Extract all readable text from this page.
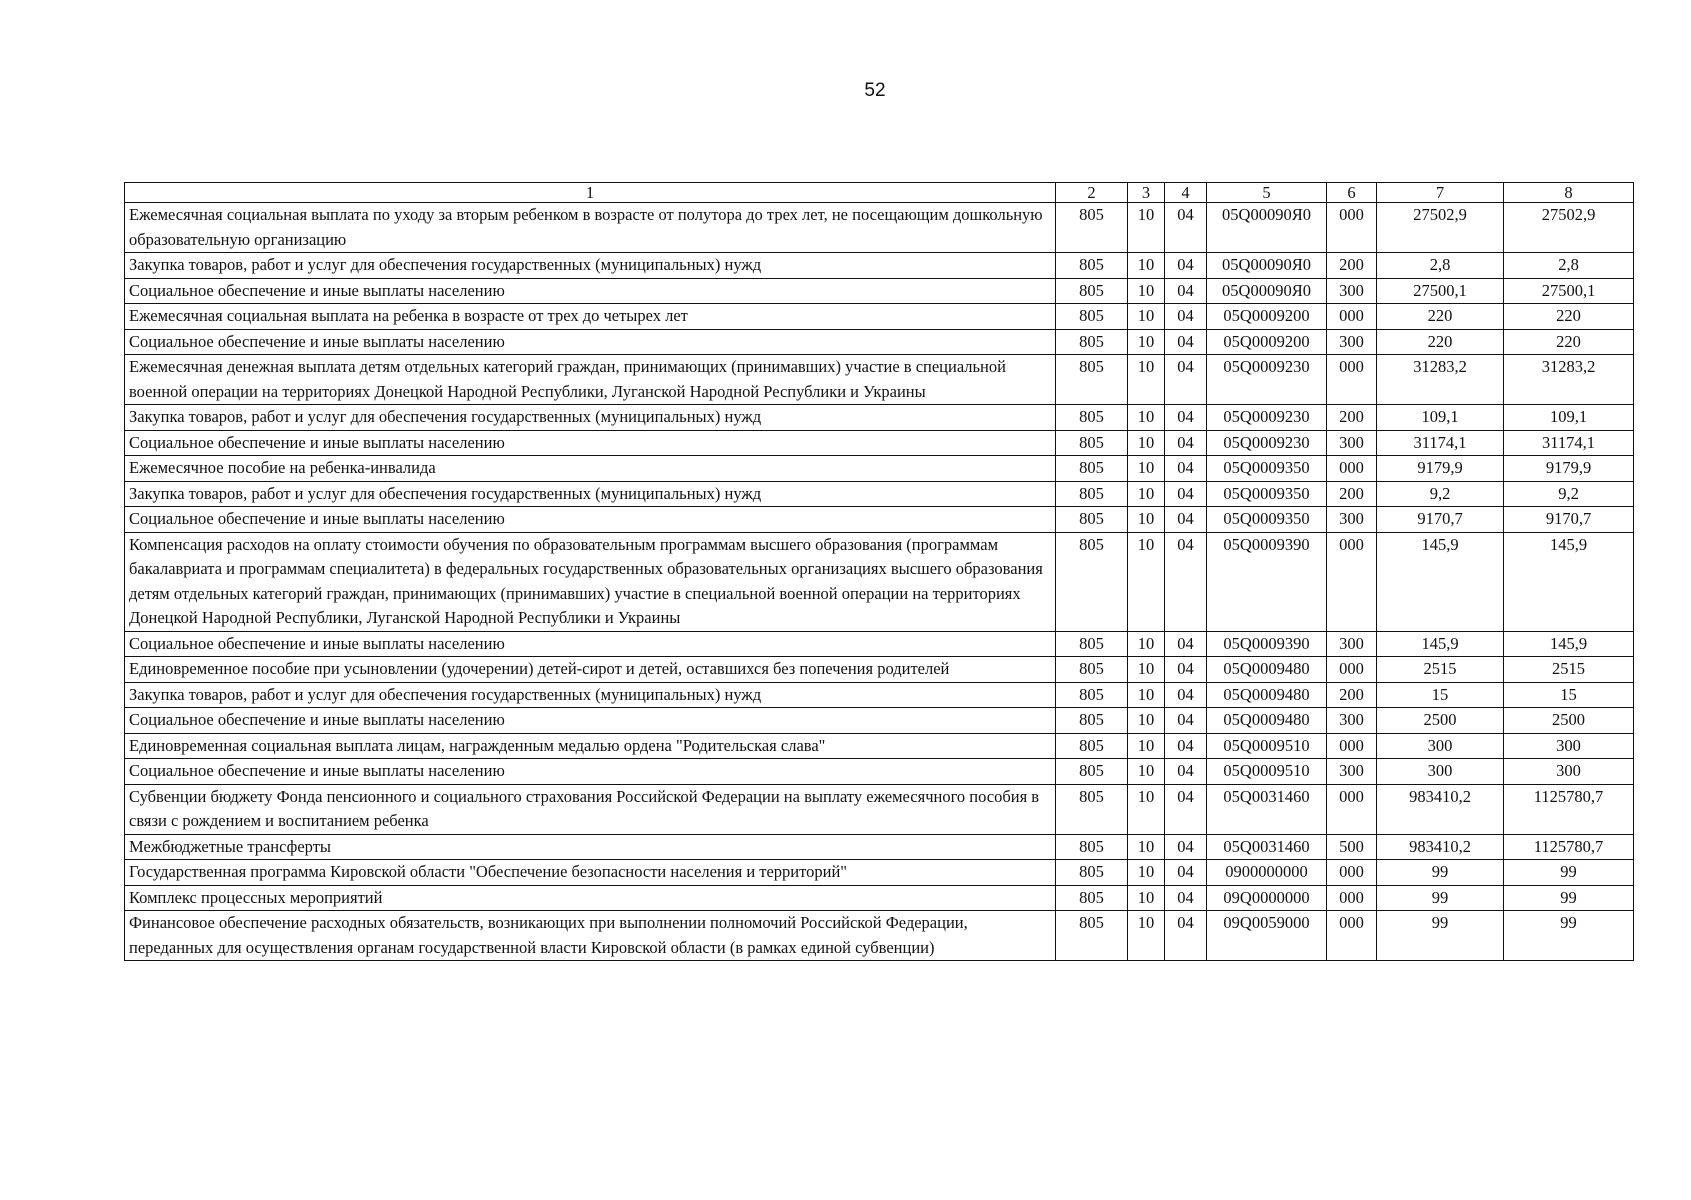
52
1	2	3	4	5	6	7	8
Ежемесячная социальная выплата по уходу за вторым ребенком в возрасте от полутора до трех лет, не посещающим дошкольную образовательную организацию	805	10	04	05Q00090Я0	000	27502,9	27502,9
Закупка товаров, работ и услуг для обеспечения государственных (муниципальных) нужд	805	10	04	05Q00090Я0	200	2,8	2,8
Социальное обеспечение и иные выплаты населению	805	10	04	05Q00090Я0	300	27500,1	27500,1
Ежемесячная социальная выплата на ребенка в возрасте от трех до четырех лет	805	10	04	05Q0009200	000	220	220
Социальное обеспечение и иные выплаты населению	805	10	04	05Q0009200	300	220	220
Ежемесячная денежная выплата детям отдельных категорий граждан, принимающих (принимавших) участие в специальной военной операции на территориях Донецкой Народной Республики, Луганской Народной Республики и Украины	805	10	04	05Q0009230	000	31283,2	31283,2
Закупка товаров, работ и услуг для обеспечения государственных (муниципальных) нужд	805	10	04	05Q0009230	200	109,1	109,1
Социальное обеспечение и иные выплаты населению	805	10	04	05Q0009230	300	31174,1	31174,1
Ежемесячное пособие на ребенка-инвалида	805	10	04	05Q0009350	000	9179,9	9179,9
Закупка товаров, работ и услуг для обеспечения государственных (муниципальных) нужд	805	10	04	05Q0009350	200	9,2	9,2
Социальное обеспечение и иные выплаты населению	805	10	04	05Q0009350	300	9170,7	9170,7
Компенсация расходов на оплату стоимости обучения по образовательным программам высшего образования (программам бакалавриата и программам специалитета) в федеральных государственных образовательных организациях высшего образования детям отдельных категорий граждан, принимающих (принимавших) участие в специальной военной операции на территориях Донецкой Народной Республики, Луганской Народной Республики и Украины	805	10	04	05Q0009390	000	145,9	145,9
Социальное обеспечение и иные выплаты населению	805	10	04	05Q0009390	300	145,9	145,9
Единовременное пособие при усыновлении (удочерении) детей-сирот и детей, оставшихся без попечения родителей	805	10	04	05Q0009480	000	2515	2515
Закупка товаров, работ и услуг для обеспечения государственных (муниципальных) нужд	805	10	04	05Q0009480	200	15	15
Социальное обеспечение и иные выплаты населению	805	10	04	05Q0009480	300	2500	2500
Единовременная социальная выплата лицам, награжденным медалью ордена "Родительская слава"	805	10	04	05Q0009510	000	300	300
Социальное обеспечение и иные выплаты населению	805	10	04	05Q0009510	300	300	300
Субвенции бюджету Фонда пенсионного и социального страхования Российской Федерации на выплату ежемесячного пособия в связи с рождением и воспитанием ребенка	805	10	04	05Q0031460	000	983410,2	1125780,7
Межбюджетные трансферты	805	10	04	05Q0031460	500	983410,2	1125780,7
Государственная программа Кировской области "Обеспечение безопасности населения и территорий"	805	10	04	0900000000	000	99	99
Комплекс процессных мероприятий	805	10	04	09Q0000000	000	99	99
Финансовое обеспечение расходных обязательств, возникающих при выполнении полномочий Российской Федерации, переданных для осуществления органам государственной власти Кировской области (в рамках единой субвенции)	805	10	04	09Q0059000	000	99	99
